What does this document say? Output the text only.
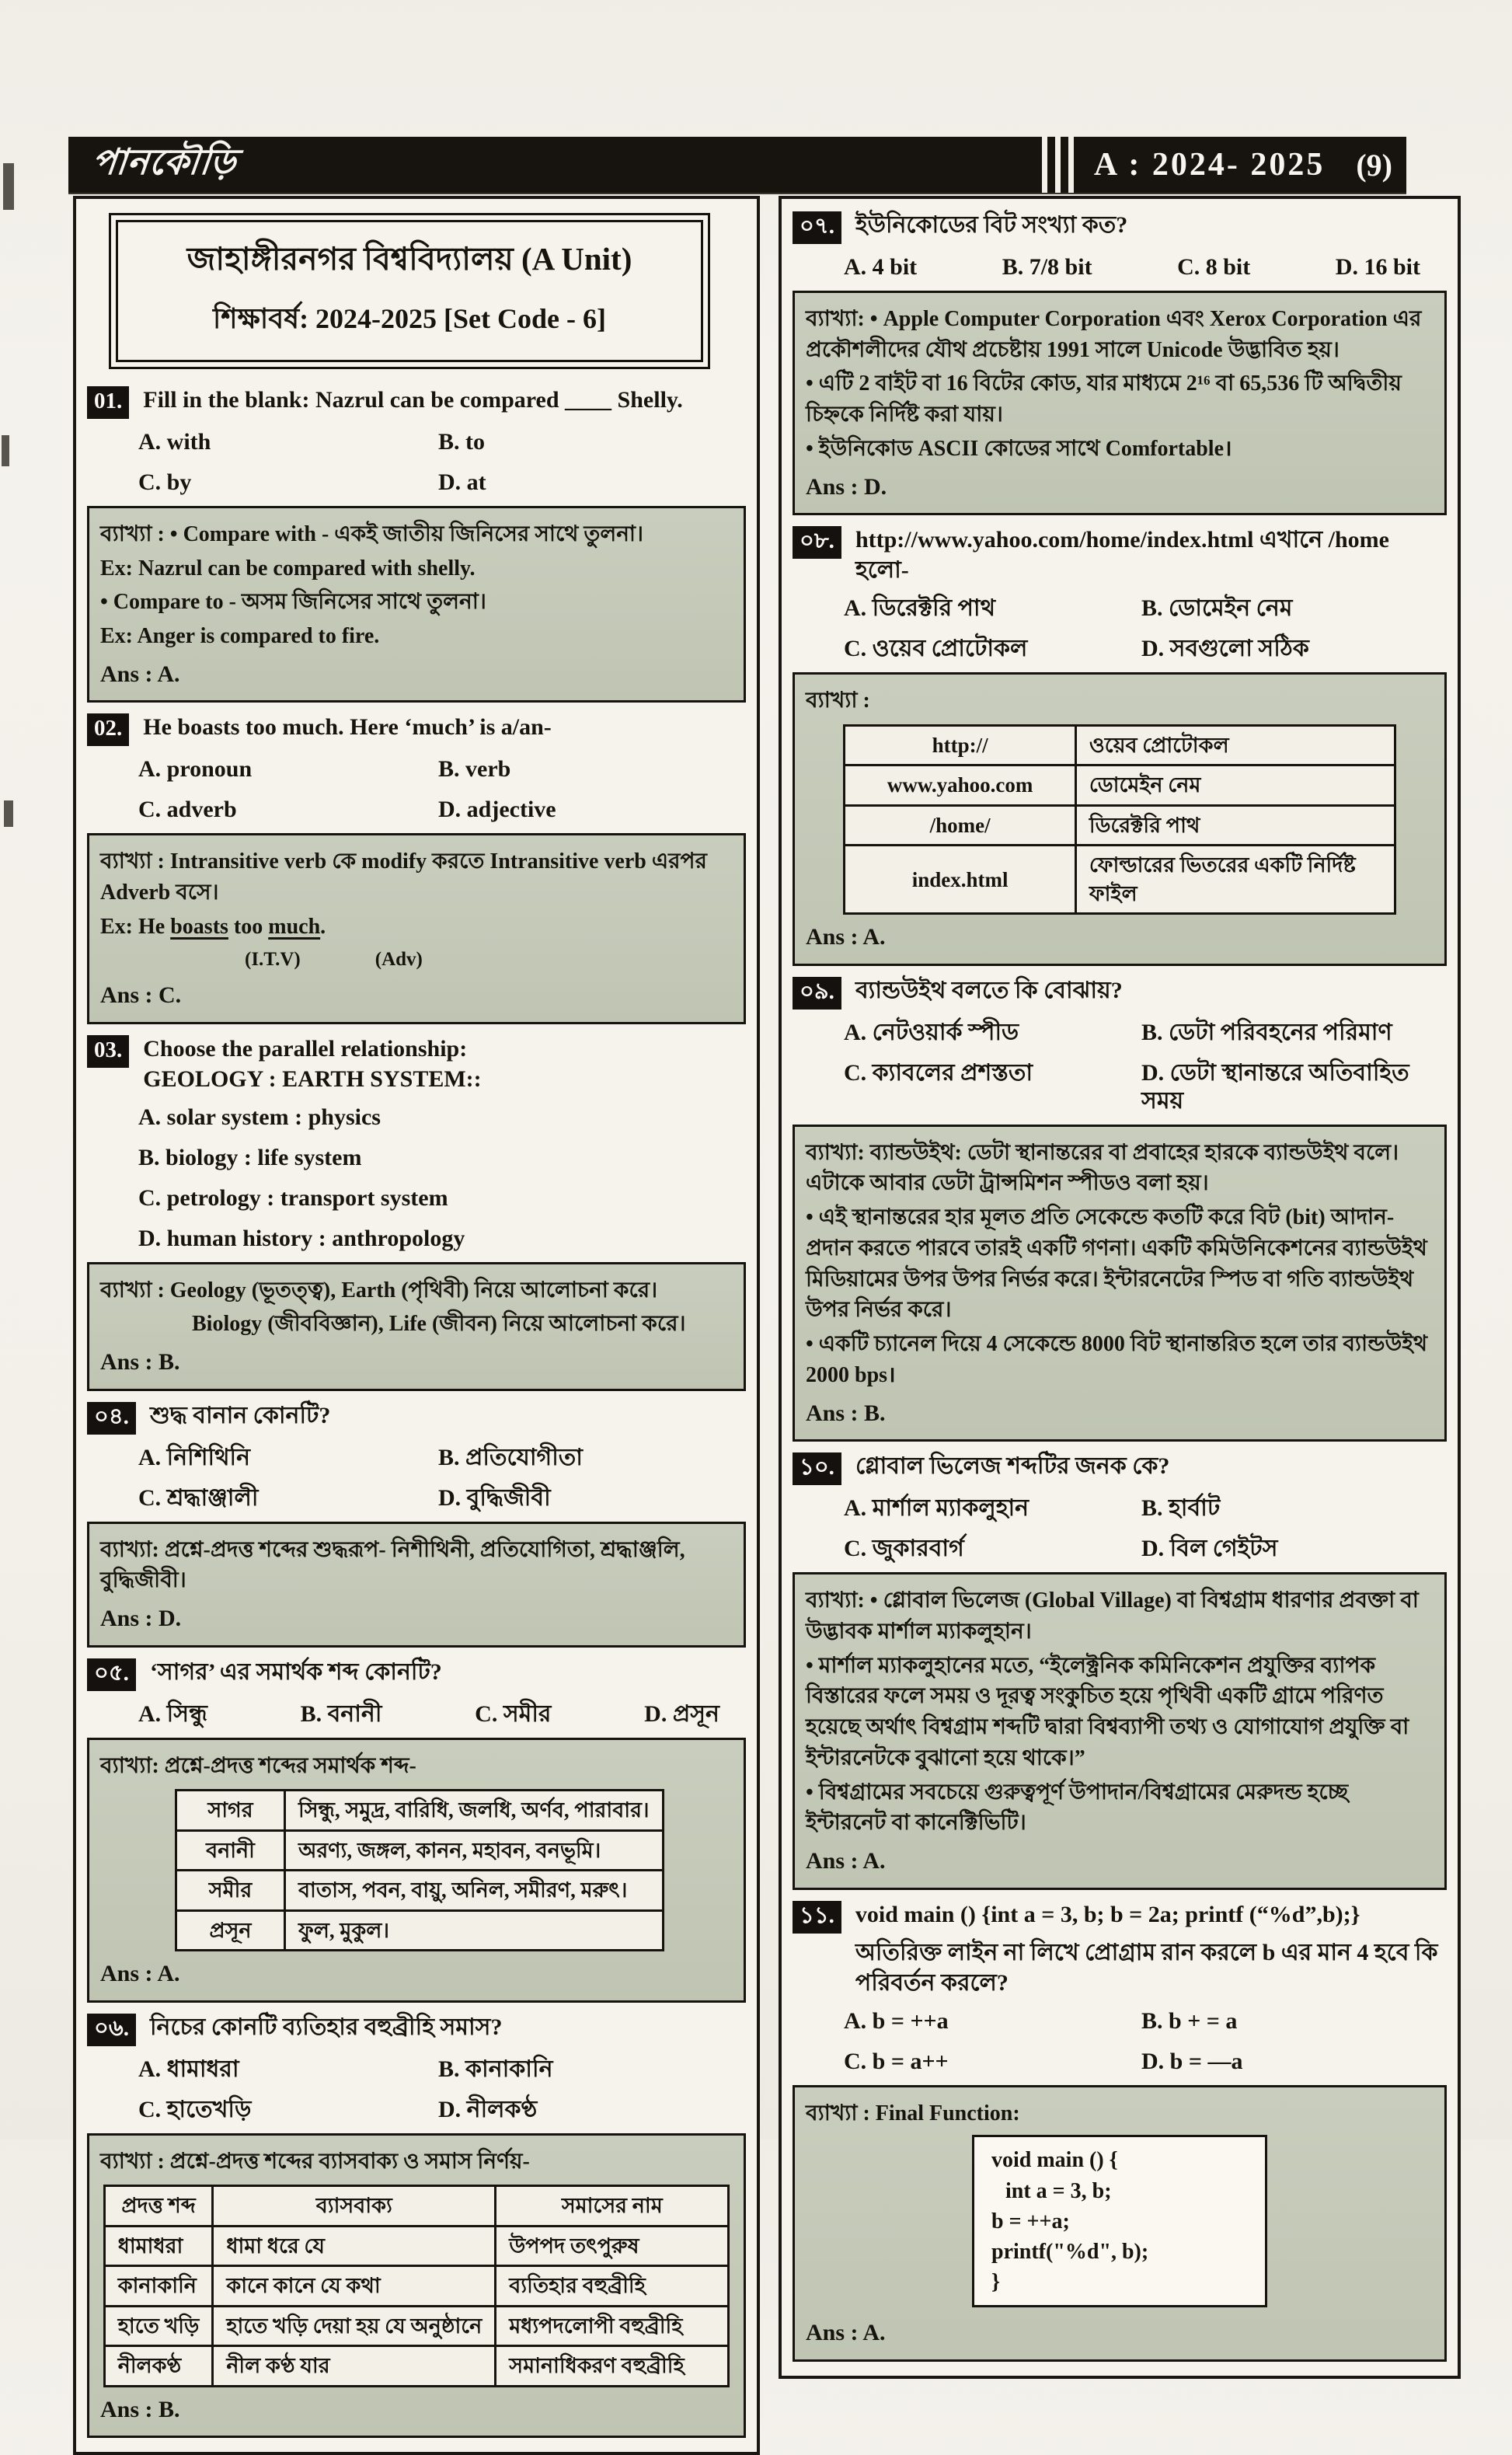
পানকৌড়ি	A : 2024- 2025 (9)
জাহাঙ্গীরনগর বিশ্ববিদ্যালয় (A Unit)
শিক্ষাবর্ষ: 2024-2025 [Set Code - 6]
01. Fill in the blank: Nazrul can be compared ____ Shelly.
A. with	B. to
C. by	D. at

ব্যাখ্যা : • Compare with - একই জাতীয় জিনিসের সাথে তুলনা।

Ex: Nazrul can be compared with shelly.

• Compare to - অসম জিনিসের সাথে তুলনা।

Ex: Anger is compared to fire.

Ans : A.
02. He boasts too much. Here ‘much’ is a/an-
A. pronoun	B. verb
C. adverb	D. adjective

ব্যাখ্যা : Intransitive verb কে modify করতে Intransitive verb এরপর Adverb বসে।

Ex: He boasts too much.

(I.T.V)	(Adv)
Ans : C.
03. Choose the parallel relationship:
GEOLOGY : EARTH SYSTEM::
A. solar system : physics
B. biology : life system
C. petrology : transport system
D. human history : anthropology

ব্যাখ্যা : Geology (ভূতত্ত্ব), Earth (পৃথিবী) নিয়ে আলোচনা করে।

Biology (জীববিজ্ঞান), Life (জীবন) নিয়ে আলোচনা করে।

Ans : B.
০৪. শুদ্ধ বানান কোনটি?
A. নিশিথিনি	B. প্রতিযোগীতা
C. শ্রদ্ধাঞ্জালী	D. বুদ্ধিজীবী

ব্যাখ্যা: প্রশ্নে-প্রদত্ত শব্দের শুদ্ধরূপ- নিশীথিনী, প্রতিযোগিতা, শ্রদ্ধাঞ্জলি, বুদ্ধিজীবী।

Ans : D.
০৫. ‘সাগর’ এর সমার্থক শব্দ কোনটি?
A. সিন্ধু	B. বনানী	C. সমীর	D. প্রসূন

ব্যাখ্যা: প্রশ্নে-প্রদত্ত শব্দের সমার্থক শব্দ-

সাগর	সিন্ধু, সমুদ্র, বারিধি, জলধি, অর্ণব, পারাবার।
বনানী	অরণ্য, জঙ্গল, কানন, মহাবন, বনভূমি।
সমীর	বাতাস, পবন, বায়ু, অনিল, সমীরণ, মরুৎ।
প্রসূন	ফুল, মুকুল।
Ans : A.
০৬. নিচের কোনটি ব্যতিহার বহুব্রীহি সমাস?
A. ধামাধরা	B. কানাকানি
C. হাতেখড়ি	D. নীলকণ্ঠ

ব্যাখ্যা : প্রশ্নে-প্রদত্ত শব্দের ব্যাসবাক্য ও সমাস নির্ণয়-

প্রদত্ত শব্দ	ব্যাসবাক্য	সমাসের নাম
ধামাধরা	ধামা ধরে যে	উপপদ তৎপুরুষ
কানাকানি	কানে কানে যে কথা	ব্যতিহার বহুব্রীহি
হাতে খড়ি	হাতে খড়ি দেয়া হয় যে অনুষ্ঠানে	মধ্যপদলোপী বহুব্রীহি
নীলকণ্ঠ	নীল কণ্ঠ যার	সমানাধিকরণ বহুব্রীহি
Ans : B.
০৭. ইউনিকোডের বিট সংখ্যা কত?
A. 4 bit	B. 7/8 bit	C. 8 bit	D. 16 bit

ব্যাখ্যা: • Apple Computer Corporation এবং Xerox Corporation এর প্রকৌশলীদের যৌথ প্রচেষ্টায় 1991 সালে Unicode উদ্ভাবিত হয়।

• এটি 2 বাইট বা 16 বিটের কোড, যার মাধ্যমে 2¹⁶ বা 65,536 টি অদ্বিতীয় চিহ্নকে নির্দিষ্ট করা যায়।

• ইউনিকোড ASCII কোডের সাথে Comfortable।

Ans : D.
০৮. http://www.yahoo.com/home/index.html এখানে /home হলো-
A. ডিরেক্টরি পাথ	B. ডোমেইন নেম
C. ওয়েব প্রোটোকল	D. সবগুলো সঠিক

ব্যাখ্যা :

http://	ওয়েব প্রোটোকল
www.yahoo.com	ডোমেইন নেম
/home/	ডিরেক্টরি পাথ
index.html	ফোল্ডারের ভিতরের একটি নির্দিষ্ট ফাইল
Ans : A.
০৯. ব্যান্ডউইথ বলতে কি বোঝায়?
A. নেটওয়ার্ক স্পীড	B. ডেটা পরিবহনের পরিমাণ
C. ক্যাবলের প্রশস্ততা	D. ডেটা স্থানান্তরে অতিবাহিত সময়

ব্যাখ্যা: ব্যান্ডউইথ: ডেটা স্থানান্তরের বা প্রবাহের হারকে ব্যান্ডউইথ বলে। এটাকে আবার ডেটা ট্রান্সমিশন স্পীডও বলা হয়।

• এই স্থানান্তরের হার মূলত প্রতি সেকেন্ডে কতটি করে বিট (bit) আদান-প্রদান করতে পারবে তারই একটি গণনা। একটি কমিউনিকেশনের ব্যান্ডউইথ মিডিয়ামের উপর উপর নির্ভর করে। ইন্টারনেটের স্পিড বা গতি ব্যান্ডউইথ উপর নির্ভর করে।

• একটি চ্যানেল দিয়ে 4 সেকেন্ডে 8000 বিট স্থানান্তরিত হলে তার ব্যান্ডউইথ 2000 bps।

Ans : B.
১০. গ্লোবাল ভিলেজ শব্দটির জনক কে?
A. মার্শাল ম্যাকলুহান	B. হার্বাট
C. জুকারবার্গ	D. বিল গেইটস

ব্যাখ্যা: • গ্লোবাল ভিলেজ (Global Village) বা বিশ্বগ্রাম ধারণার প্রবক্তা বা উদ্ভাবক মার্শাল ম্যাকলুহান।

• মার্শাল ম্যাকলুহানের মতে, “ইলেক্ট্রনিক কমিনিকেশন প্রযুক্তির ব্যাপক বিস্তারের ফলে সময় ও দূরত্ব সংকুচিত হয়ে পৃথিবী একটি গ্রামে পরিণত হয়েছে অর্থাৎ বিশ্বগ্রাম শব্দটি দ্বারা বিশ্বব্যাপী তথ্য ও যোগাযোগ প্রযুক্তি বা ইন্টারনেটকে বুঝানো হয়ে থাকে।”

• বিশ্বগ্রামের সবচেয়ে গুরুত্বপূর্ণ উপাদান/বিশ্বগ্রামের মেরুদন্ড হচ্ছে ইন্টারনেট বা কানেক্টিভিটি।

Ans : A.
১১. void main () {int a = 3, b; b = 2a; printf (“%d”,b);}
অতিরিক্ত লাইন না লিখে প্রোগ্রাম রান করলে b এর মান 4 হবে কি পরিবর্তন করলে?
A. b = ++a	B. b + = a
C. b = a++	D. b = —a

ব্যাখ্যা : Final Function:

void main () {
int a = 3, b;
b = ++a;
printf("%d", b);
}
Ans : A.
